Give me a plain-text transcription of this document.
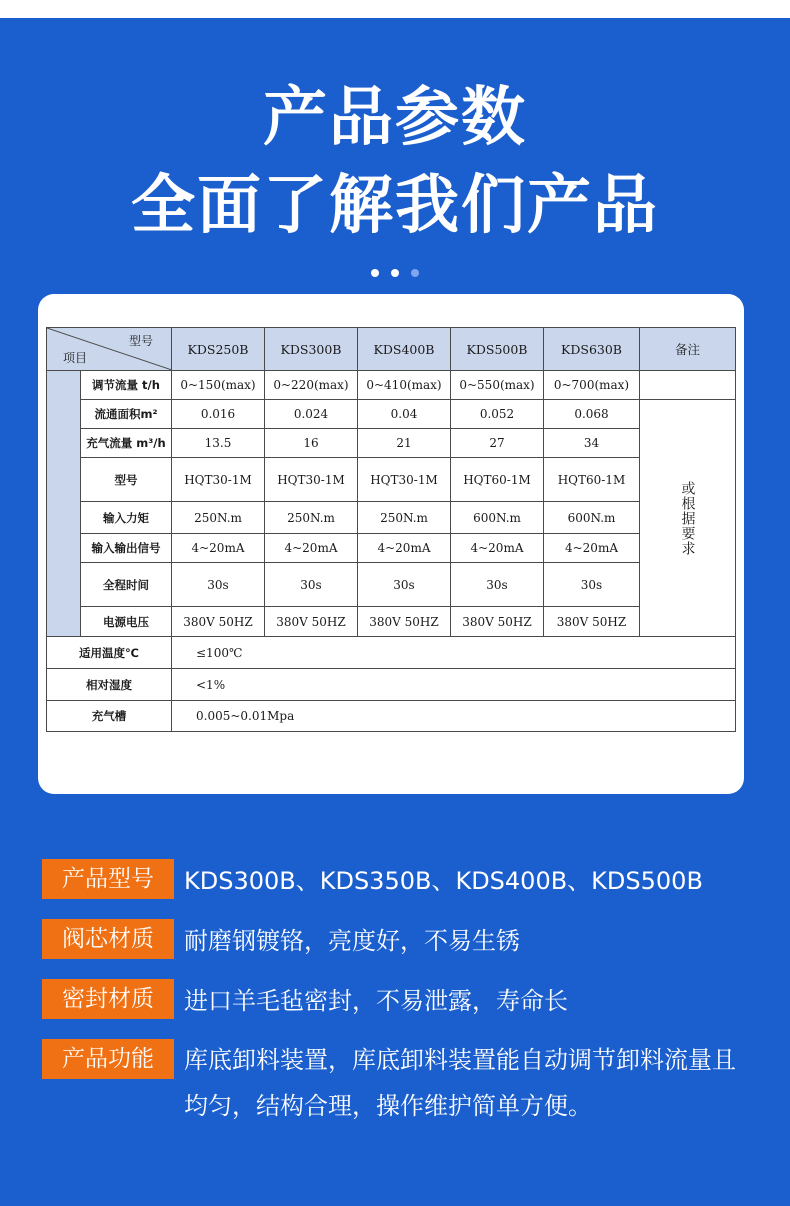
产品参数
全面了解我们产品
型号
项目		KDS250B	KDS300B	KDS400B	KDS500B	KDS630B	备注
	调节流量 t/h	0~150(max)	0~220(max)	0~410(max)	0~550(max)	0~700(max)	
	流通面积m²	0.016	0.024	0.04	0.052	0.068	或根据要求

	充气流量 m³/h	13.5	16	21	27	34	
	型号	HQT30-1M	HQT30-1M	HQT30-1M	HQT60-1M	HQT60-1M	
	输入力矩	250N.m	250N.m	250N.m	600N.m	600N.m	
	输入输出信号	4~20mA	4~20mA	4~20mA	4~20mA	4~20mA	
	全程时间	30s	30s	30s	30s	30s	
	电源电压	380V 50HZ	380V 50HZ	380V 50HZ	380V 50HZ	380V 50HZ	
适用温度℃		≤100℃					
相对湿度		<1%					
充气槽		0.005~0.01Mpa					
产品型号	KDS300B、KDS350B、KDS400B、KDS500B
阀芯材质	耐磨钢镀铬，亮度好，不易生锈
密封材质	进口羊毛毡密封，不易泄露，寿命长
产品功能	库底卸料装置，库底卸料装置能自动调节卸料流量且均匀，结构合理，操作维护简单方便。
